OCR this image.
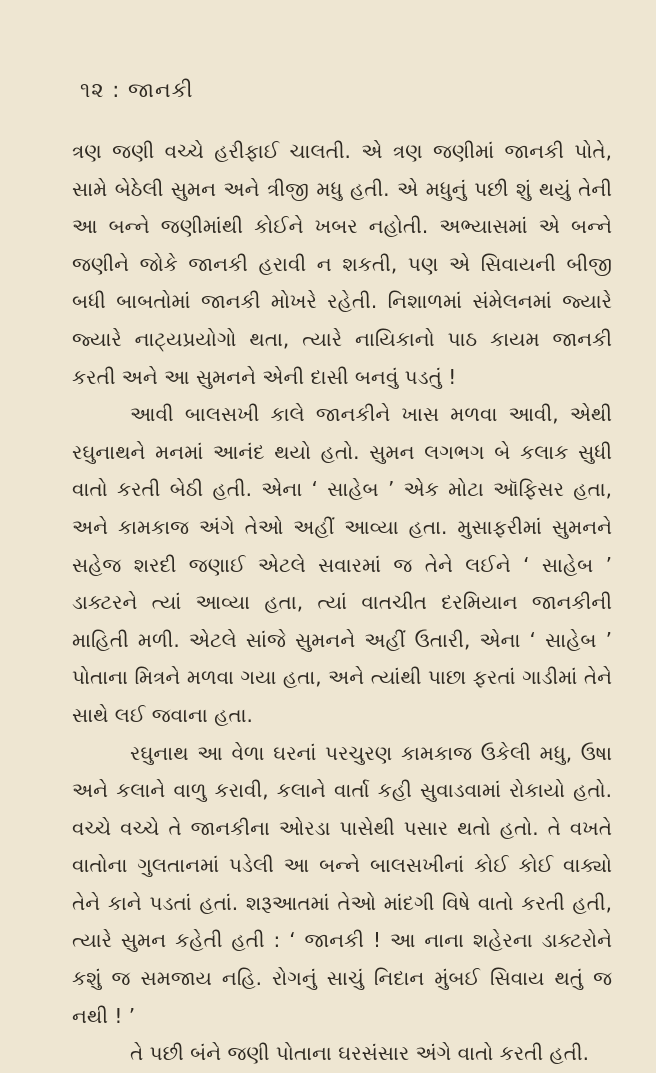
૧૨ : જાનકી

ત્રણ જણી વચ્ચે હરીફાઈ ચાલતી. એ ત્રણ જણીમાં જાનકી પોતે, સામે બેઠેલી સુમન અને ત્રીજી મધુ હતી. એ મધુનું પછી શું થયું તેની આ બન્ને જણીમાંથી કોઈને ખબર નહોતી. અભ્યાસમાં એ બન્ને જણીને જોકે જાનકી હરાવી ન શકતી, પણ એ સિવાયની બીજી બધી બાબતોમાં જાનકી મોખરે રહેતી. નિશાળમાં સંમેલનમાં જ્યારે જ્યારે નાટ્યપ્રયોગો થતા, ત્યારે નાયિકાનો પાઠ કાયમ જાનકી કરતી અને આ સુમનને એની દાસી બનવું પડતું !

આવી બાલસખી કાલે જાનકીને ખાસ મળવા આવી, એથી રઘુનાથને મનમાં આનંદ થયો હતો. સુમન લગભગ બે કલાક સુધી વાતો કરતી બેઠી હતી. એના ‘ સાહેબ ’ એક મોટા ઑફિસર હતા, અને કામકાજ અંગે તેઓ અહીં આવ્યા હતા. મુસાફરીમાં સુમનને સહેજ શરદી જણાઈ એટલે સવારમાં જ તેને લઈને ‘ સાહેબ ’ ડાક્ટરને ત્યાં આવ્યા હતા, ત્યાં વાતચીત દરમિયાન જાનકીની માહિતી મળી. એટલે સાંજે સુમનને અહીં ઉતારી, એના ‘ સાહેબ ’ પોતાના મિત્રને મળવા ગયા હતા, અને ત્યાંથી પાછા ફરતાં ગાડીમાં તેને સાથે લઈ જવાના હતા.

રઘુનાથ આ વેળા ઘરનાં પરચુરણ કામકાજ ઉકેલી મધુ, ઉષા અને કલાને વાળુ કરાવી, કલાને વાર્તા કહી સુવાડવામાં રોકાયો હતો. વચ્ચે વચ્ચે તે જાનકીના ઓરડા પાસેથી પસાર થતો હતો. તે વખતે વાતોના ગુલતાનમાં પડેલી આ બન્ને બાલસખીનાં કોઈ કોઈ વાક્યો તેને કાને પડતાં હતાં. શરૂઆતમાં તેઓ માંદગી વિષે વાતો કરતી હતી, ત્યારે સુમન કહેતી હતી : ‘ જાનકી ! આ નાના શહેરના ડાક્ટરોને કશું જ સમજાય નહિ. રોગનું સાચું નિદાન મુંબઈ સિવાય થતું જ નથી ! ’

તે પછી બંને જણી પોતાના ઘરસંસાર અંગે વાતો કરતી હતી.
